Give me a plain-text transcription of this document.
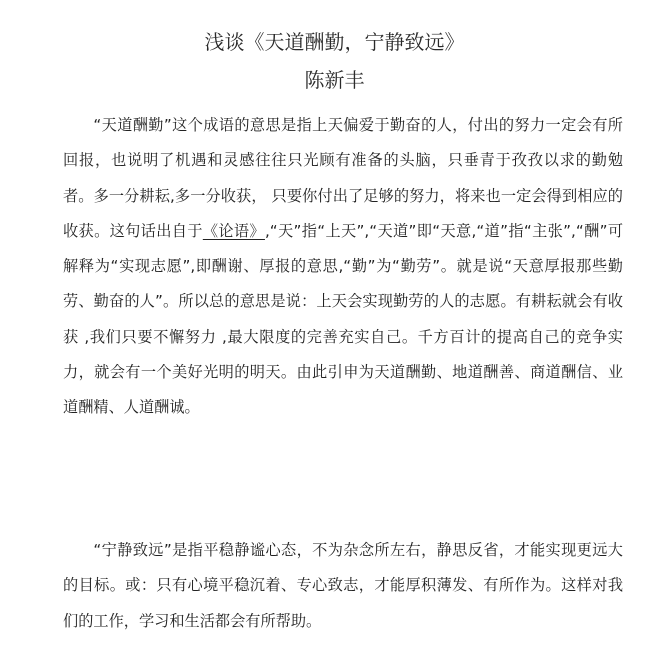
浅谈《天道酬勤，宁静致远》
陈新丰

“天道酬勤”这个成语的意思是指上天偏爱于勤奋的人，付出的努力一定会有所回报，也说明了机遇和灵感往往只光顾有准备的头脑，只垂青于孜孜以求的勤勉者。多一分耕耘,多一分收获， 只要你付出了足够的努力，将来也一定会得到相应的收获。这句话出自于《论语》,“天”指“上天”,“天道”即“天意,“道”指“主张”,“酬”可解释为“实现志愿”,即酬谢、厚报的意思,“勤”为“勤劳”。就是说“天意厚报那些勤劳、勤奋的人”。所以总的意思是说：上天会实现勤劳的人的志愿。有耕耘就会有收获 ,我们只要不懈努力 ,最大限度的完善充实自己。千方百计的提高自己的竞争实力，就会有一个美好光明的明天。由此引申为天道酬勤、地道酬善、商道酬信、业道酬精、人道酬诚。

“宁静致远”是指平稳静谧心态，不为杂念所左右，静思反省，才能实现更远大的目标。或：只有心境平稳沉着、专心致志，才能厚积薄发、有所作为。这样对我们的工作，学习和生活都会有所帮助。
